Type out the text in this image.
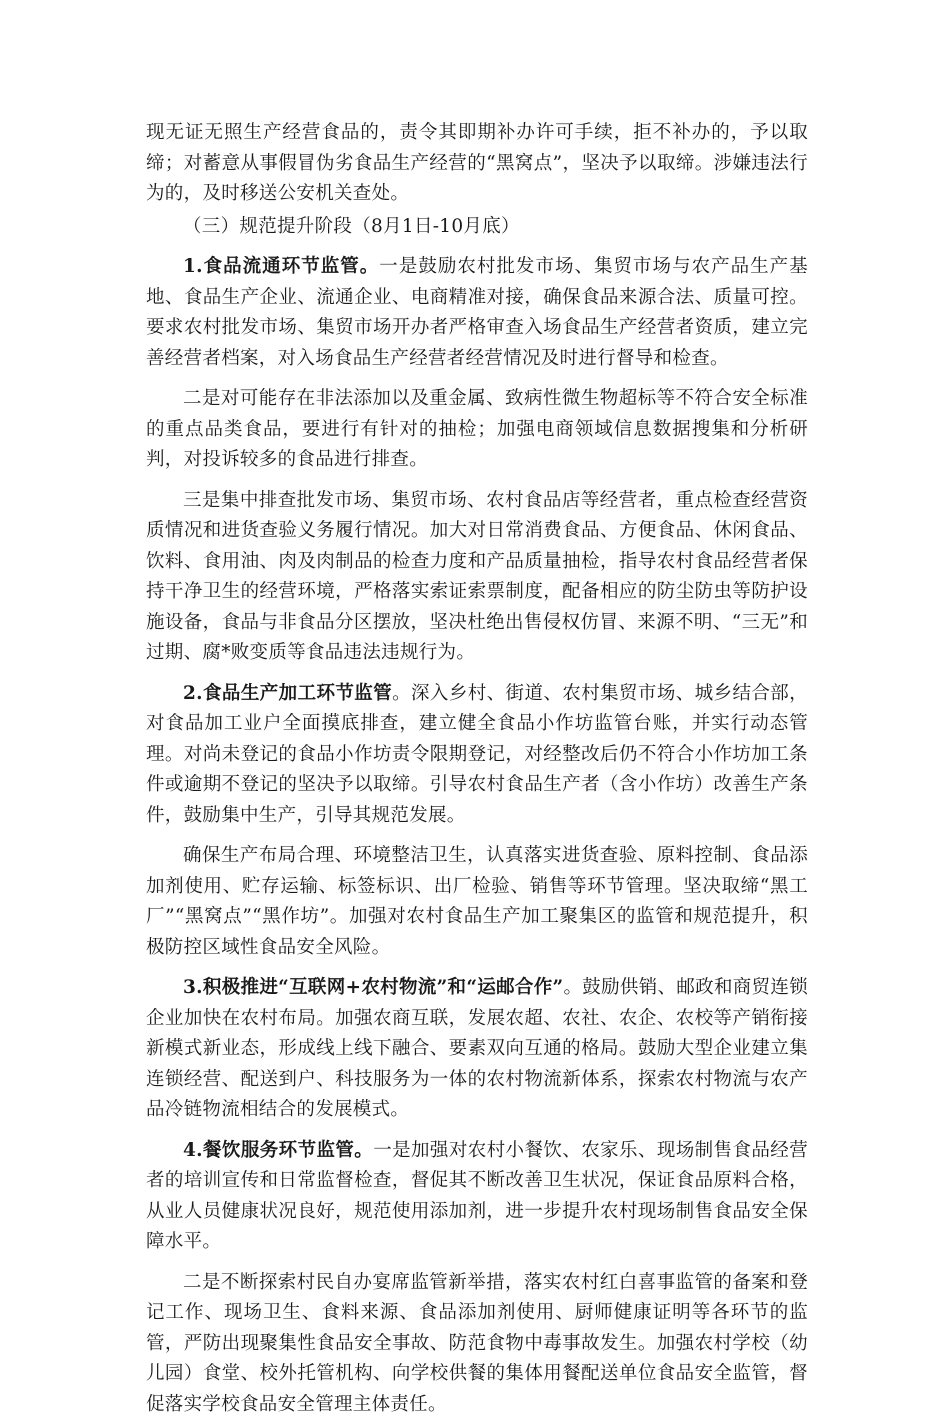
现无证无照生产经营食品的，责令其即期补办许可手续，拒不补办的，予以取缔；对蓄意从事假冒伪劣食品生产经营的“黑窝点”，坚决予以取缔。涉嫌违法行为的，及时移送公安机关查处。

（三）规范提升阶段（8月1日-10月底）

1.食品流通环节监管。一是鼓励农村批发市场、集贸市场与农产品生产基地、食品生产企业、流通企业、电商精准对接，确保食品来源合法、质量可控。要求农村批发市场、集贸市场开办者严格审查入场食品生产经营者资质，建立完善经营者档案，对入场食品生产经营者经营情况及时进行督导和检查。

二是对可能存在非法添加以及重金属、致病性微生物超标等不符合安全标准的重点品类食品，要进行有针对的抽检；加强电商领域信息数据搜集和分析研判，对投诉较多的食品进行排查。

三是集中排查批发市场、集贸市场、农村食品店等经营者，重点检查经营资质情况和进货查验义务履行情况。加大对日常消费食品、方便食品、休闲食品、饮料、食用油、肉及肉制品的检查力度和产品质量抽检，指导农村食品经营者保持干净卫生的经营环境，严格落实索证索票制度，配备相应的防尘防虫等防护设施设备，食品与非食品分区摆放，坚决杜绝出售侵权仿冒、来源不明、“三无”和过期、腐*败变质等食品违法违规行为。

2.食品生产加工环节监管。深入乡村、街道、农村集贸市场、城乡结合部，对食品加工业户全面摸底排查，建立健全食品小作坊监管台账，并实行动态管理。对尚未登记的食品小作坊责令限期登记，对经整改后仍不符合小作坊加工条件或逾期不登记的坚决予以取缔。引导农村食品生产者（含小作坊）改善生产条件，鼓励集中生产，引导其规范发展。

确保生产布局合理、环境整洁卫生，认真落实进货查验、原料控制、食品添加剂使用、贮存运输、标签标识、出厂检验、销售等环节管理。坚决取缔“黑工厂”“黑窝点”“黑作坊”。加强对农村食品生产加工聚集区的监管和规范提升，积极防控区域性食品安全风险。

3.积极推进“互联网+农村物流”和“运邮合作”。鼓励供销、邮政和商贸连锁企业加快在农村布局。加强农商互联，发展农超、农社、农企、农校等产销衔接新模式新业态，形成线上线下融合、要素双向互通的格局。鼓励大型企业建立集连锁经营、配送到户、科技服务为一体的农村物流新体系，探索农村物流与农产品冷链物流相结合的发展模式。

4.餐饮服务环节监管。一是加强对农村小餐饮、农家乐、现场制售食品经营者的培训宣传和日常监督检查，督促其不断改善卫生状况，保证食品原料合格，从业人员健康状况良好，规范使用添加剂，进一步提升农村现场制售食品安全保障水平。

二是不断探索村民自办宴席监管新举措，落实农村红白喜事监管的备案和登记工作、现场卫生、食料来源、食品添加剂使用、厨师健康证明等各环节的监管，严防出现聚集性食品安全事故、防范食物中毒事故发生。加强农村学校（幼儿园）食堂、校外托管机构、向学校供餐的集体用餐配送单位食品安全监管，督促落实学校食品安全管理主体责任。
